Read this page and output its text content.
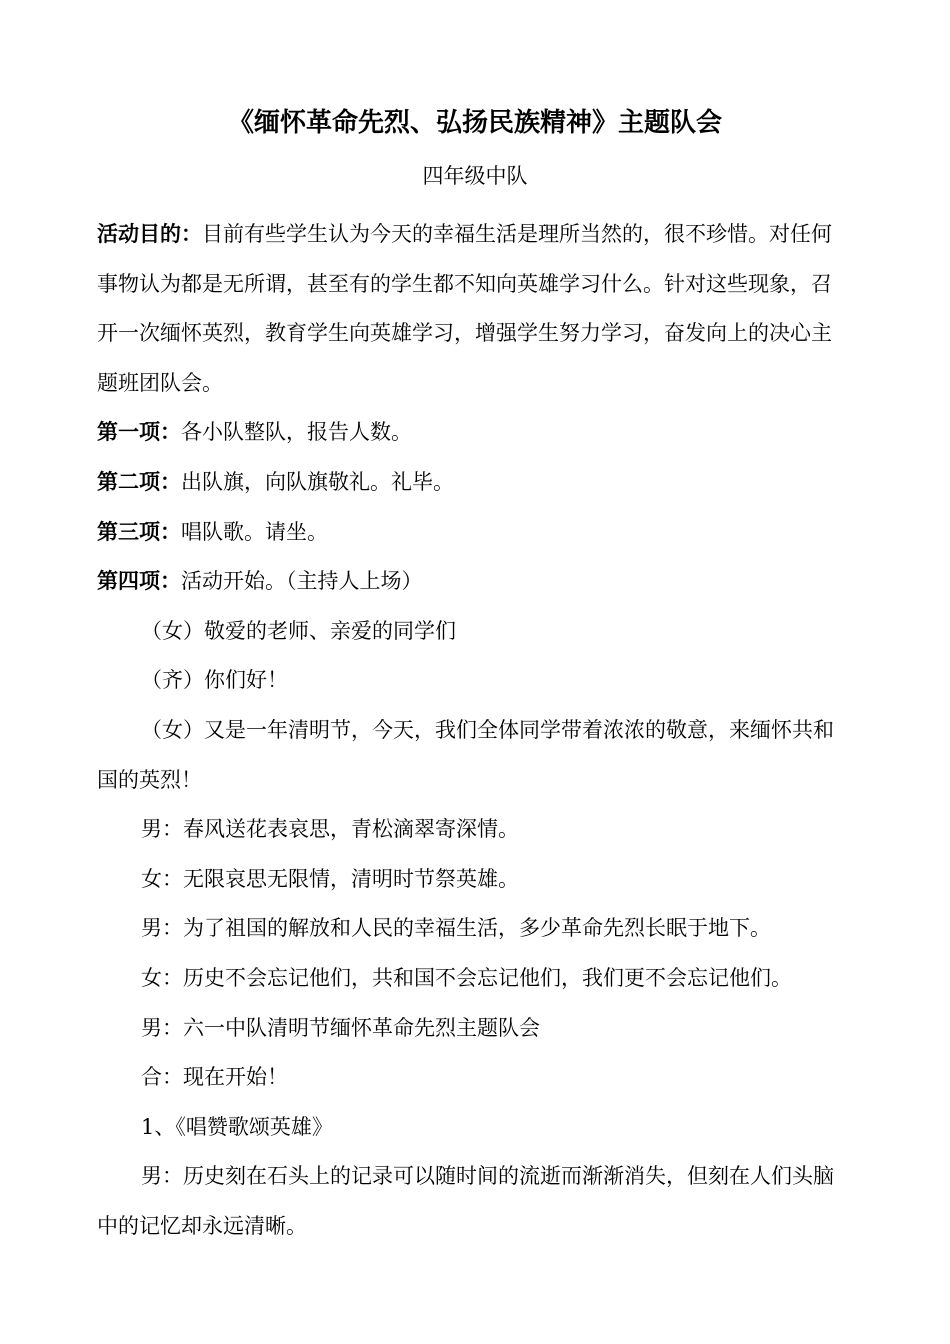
《缅怀革命先烈、弘扬民族精神》主题队会
四年级中队

活动目的：目前有些学生认为今天的幸福生活是理所当然的，很不珍惜。对任何事物认为都是无所谓，甚至有的学生都不知向英雄学习什么。针对这些现象，召开一次缅怀英烈，教育学生向英雄学习，增强学生努力学习，奋发向上的决心主题班团队会。

第一项：各小队整队，报告人数。

第二项：出队旗，向队旗敬礼。礼毕。

第三项：唱队歌。请坐。

第四项：活动开始。（主持人上场）

（女）敬爱的老师、亲爱的同学们

（齐）你们好！

（女）又是一年清明节，今天，我们全体同学带着浓浓的敬意，来缅怀共和国的英烈！

男：春风送花表哀思，青松滴翠寄深情。

女：无限哀思无限情，清明时节祭英雄。

男：为了祖国的解放和人民的幸福生活，多少革命先烈长眠于地下。

女：历史不会忘记他们，共和国不会忘记他们，我们更不会忘记他们。

男：六一中队清明节缅怀革命先烈主题队会

合：现在开始！

1、《唱赞歌颂英雄》

男：历史刻在石头上的记录可以随时间的流逝而渐渐消失，但刻在人们头脑中的记忆却永远清晰。
